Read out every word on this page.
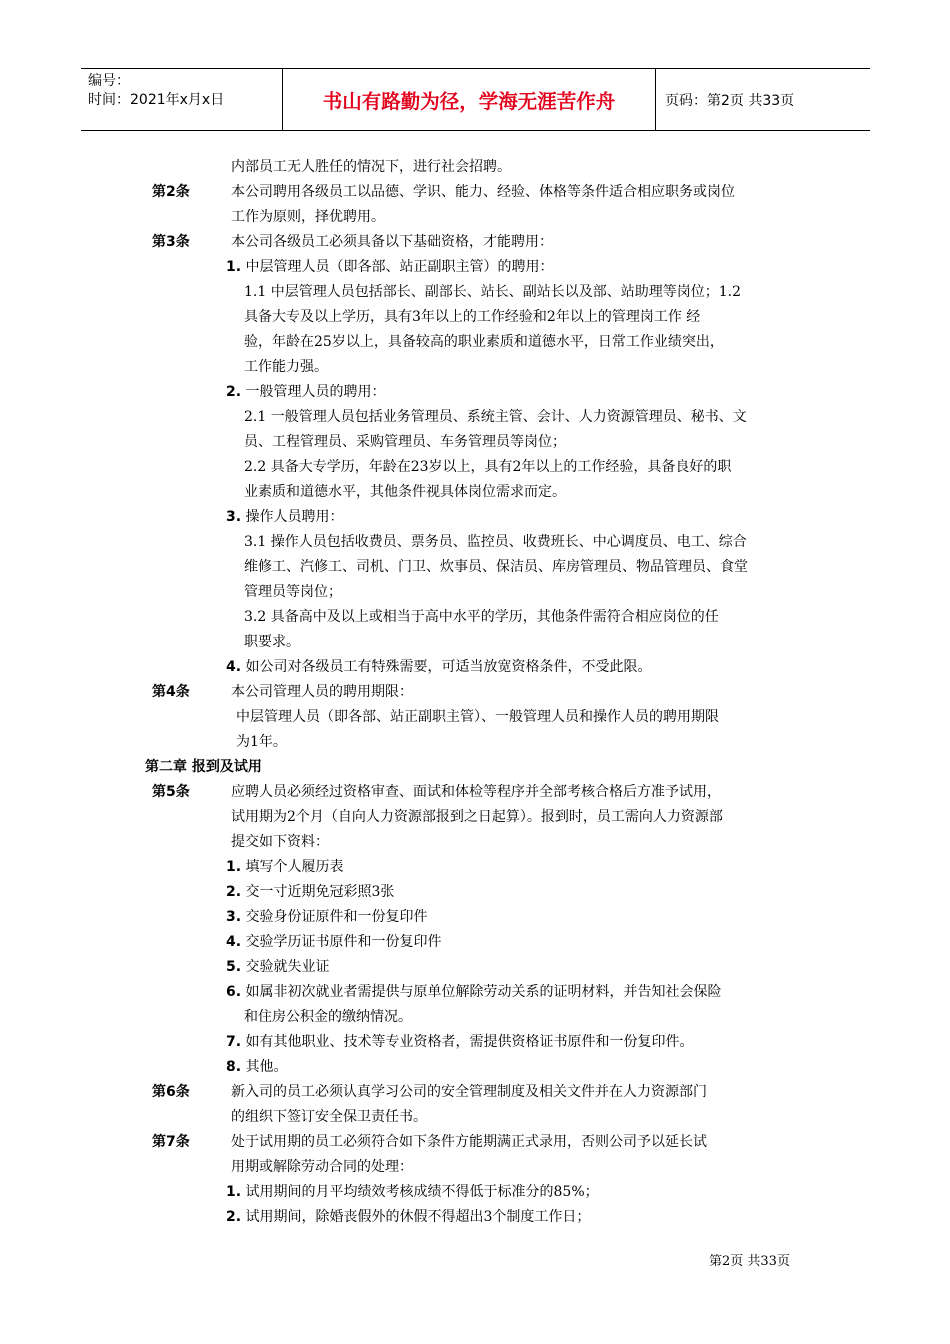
编号：
时间：2021年x月x日	书山有路勤为径，学海无涯苦作舟	页码：第2页 共33页
内部员工无人胜任的情况下，进行社会招聘。
第2条	本公司聘用各级员工以品德、学识、能力、经验、体格等条件适合相应职务或岗位
工作为原则，择优聘用。
第3条	本公司各级员工必须具备以下基础资格，才能聘用：
1. 中层管理人员（即各部、站正副职主管）的聘用：
1.1 中层管理人员包括部长、副部长、站长、副站长以及部、站助理等岗位；1.2
具备大专及以上学历，具有3年以上的工作经验和2年以上的管理岗工作 经
验，年龄在25岁以上，具备较高的职业素质和道德水平，日常工作业绩突出，
工作能力强。
2. 一般管理人员的聘用：
2.1 一般管理人员包括业务管理员、系统主管、会计、人力资源管理员、秘书、文
员、工程管理员、采购管理员、车务管理员等岗位；
2.2 具备大专学历，年龄在23岁以上，具有2年以上的工作经验，具备良好的职
业素质和道德水平，其他条件视具体岗位需求而定。
3. 操作人员聘用：
3.1 操作人员包括收费员、票务员、监控员、收费班长、中心调度员、电工、综合
维修工、汽修工、司机、门卫、炊事员、保洁员、库房管理员、物品管理员、食堂
管理员等岗位；
3.2 具备高中及以上或相当于高中水平的学历，其他条件需符合相应岗位的任
职要求。
4. 如公司对各级员工有特殊需要，可适当放宽资格条件，不受此限。
第4条	本公司管理人员的聘用期限：
中层管理人员（即各部、站正副职主管）、一般管理人员和操作人员的聘用期限
为1年。
第二章 报到及试用
第5条	应聘人员必须经过资格审查、面试和体检等程序并全部考核合格后方准予试用，
试用期为2个月（自向人力资源部报到之日起算）。报到时，员工需向人力资源部
提交如下资料：
1. 填写个人履历表
2. 交一寸近期免冠彩照3张
3. 交验身份证原件和一份复印件
4. 交验学历证书原件和一份复印件
5. 交验就失业证
6. 如属非初次就业者需提供与原单位解除劳动关系的证明材料，并告知社会保险
和住房公积金的缴纳情况。
7. 如有其他职业、技术等专业资格者，需提供资格证书原件和一份复印件。
8. 其他。
第6条	新入司的员工必须认真学习公司的安全管理制度及相关文件并在人力资源部门
的组织下签订安全保卫责任书。
第7条	处于试用期的员工必须符合如下条件方能期满正式录用，否则公司予以延长试
用期或解除劳动合同的处理：
1. 试用期间的月平均绩效考核成绩不得低于标准分的85%；
2. 试用期间，除婚丧假外的休假不得超出3个制度工作日；
第2页 共33页
